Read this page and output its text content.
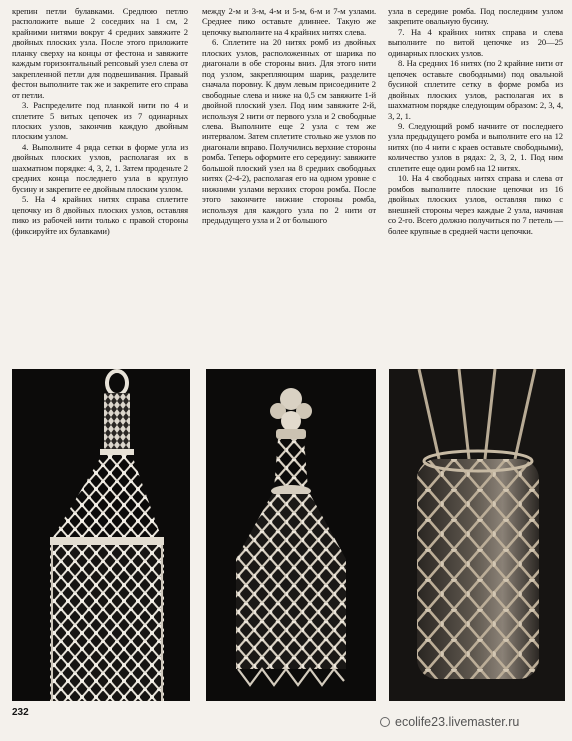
крепин петли булавками. Средлюю петлю расположите выше 2 соседних на 1 см, 2 крайними нитями вокруг 4 средних завяжите 2 двойных плоских узла. После этого приложите планку сверху на концы от фестона и завяжите каждым горизонтальный репсовый узел слева от закрепленной петли для подвешивания. Правый фестон выполните так же и закрепите его справа от петли.

3. Распределите под планкой нити по 4 и сплетите 5 витых цепочек из 7 одинарных плоских узлов, закончив каждую двойным плоским узлом.

4. Выполните 4 ряда сетки в форме угла из двойных плоских узлов, располагая их в шахматном порядке: 4, 3, 2, 1. Затем проденьте 2 средних конца последнего узла в круглую бусину и закрепите ее двойным плоским узлом.

5. На 4 крайних нитях справа сплетите цепочку из 8 двойных плоских узлов, оставляя пико из рабочей нити только с правой стороны (фиксируйте их булавками)

между 2-м и 3-м, 4-м и 5-м, 6-м и 7-м узлами. Среднее пико оставьте длиннее. Такую же цепочку выполните на 4 крайних нитях слева.

6. Сплетите на 20 нитях ромб из двойных плоских узлов, расположенных от шарика по диагонали в обе стороны вниз. Для этого нити под узлом, закрепляющим шарик, разделите сначала поровну. К двум левым присоедините 2 свободные слева и ниже на 0,5 см завяжите 1-й двойной плоский узел. Под ним завяжите 2-й, используя 2 нити от первого узла и 2 свободные слева. Выполните еще 2 узла с тем же интервалом. Затем сплетите столько же узлов по диагонали вправо. Получились верхние стороны ромба. Теперь оформите его середину: завяжите большой плоский узел на 8 средних свободных нитях (2-4-2), располагая его на одном уровне с нижними узлами верхних сторон ромба. После этого закончите нижние стороны ромба, используя для каждого узла по 2 нити от предыдущего узла и 2 от большого

узла в середине ромба. Под последним узлом закрепите овальную бусину.

7. На 4 крайних нитях справа и слева выполните по витой цепочке из 20—25 одинарных плоских узлов.

8. На средних 16 нитях (по 2 крайние нити от цепочек оставьте свободными) под овальной бусиной сплетите сетку в форме ромба из двойных плоских узлов, располагая их в шахматном порядке следующим образом: 2, 3, 4, 3, 2, 1.

9. Следующий ромб начните от последнего узла предыдущего ромба и выполните его на 12 нитях (по 4 нити с краев оставьте свободными), количество узлов в рядах: 2, 3, 2, 1. Под ним сплетите еще один ромб на 12 нитях.

10. На 4 свободных нитях справа и слева от ромбов выполните плоские цепочки из 16 двойных плоских узлов, оставляя пико с внешней стороны через каждые 2 узла, начиная со 2-го. Всего должно получиться по 7 петель — более крупные в средней части цепочки.

232
ecolife23.livemaster.ru
